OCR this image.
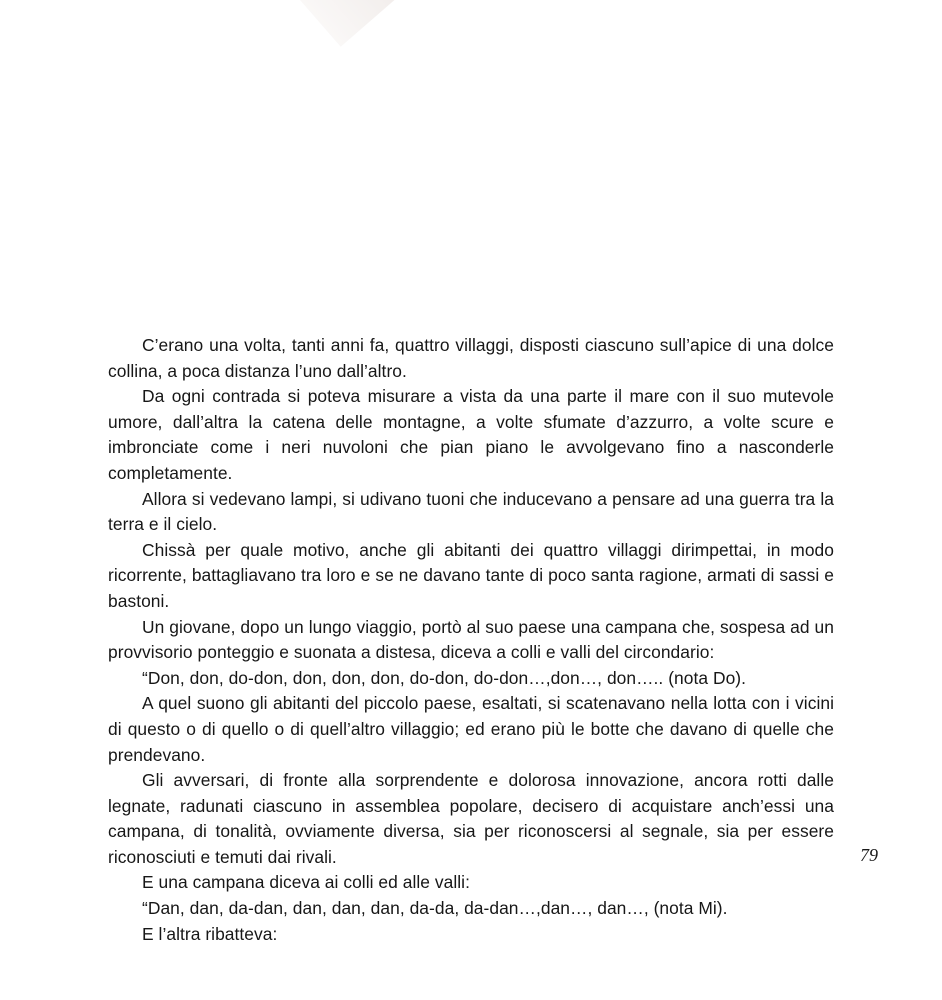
C’erano una volta, tanti anni fa, quattro villaggi, disposti ciascuno sull’apice di una dolce collina, a poca distanza l’uno dall’altro.

Da ogni contrada si poteva misurare a vista da una parte il mare con il suo mutevole umore, dall’altra la catena delle montagne, a volte sfumate d’azzurro, a volte scure e imbronciate come i neri nuvoloni che pian piano le avvolgevano fino a nasconderle completamente.

Allora si vedevano lampi, si udivano tuoni che inducevano a pensare ad una guerra tra la terra e il cielo.

Chissà per quale motivo, anche gli abitanti dei quattro villaggi dirimpettai, in modo ricorrente, battagliavano tra loro e se ne davano tante di poco santa ragione, armati di sassi e bastoni.

Un giovane, dopo un lungo viaggio, portò al suo paese una campana che, sospesa ad un provvisorio ponteggio e suonata a distesa, diceva a colli e valli del circondario:

“Don, don, do-don, don, don, don, do-don, do-don…,don…, don….. (nota Do).

A quel suono gli abitanti del piccolo paese, esaltati, si scatenavano nella lotta con i vicini di questo o di quello o di quell’altro villaggio; ed erano più le botte che davano di quelle che prendevano.

Gli avversari, di fronte alla sorprendente e dolorosa innovazione, ancora rotti dalle legnate, radunati ciascuno in assemblea popolare, decisero di acquistare anch’essi una campana, di tonalità, ovviamente diversa, sia per riconoscersi al segnale, sia per essere riconosciuti e temuti dai rivali.

E una campana diceva ai colli ed alle valli:

“Dan, dan, da-dan, dan, dan, dan, da-da, da-dan…,dan…, dan…, (nota Mi).

E l’altra ribatteva:

79
